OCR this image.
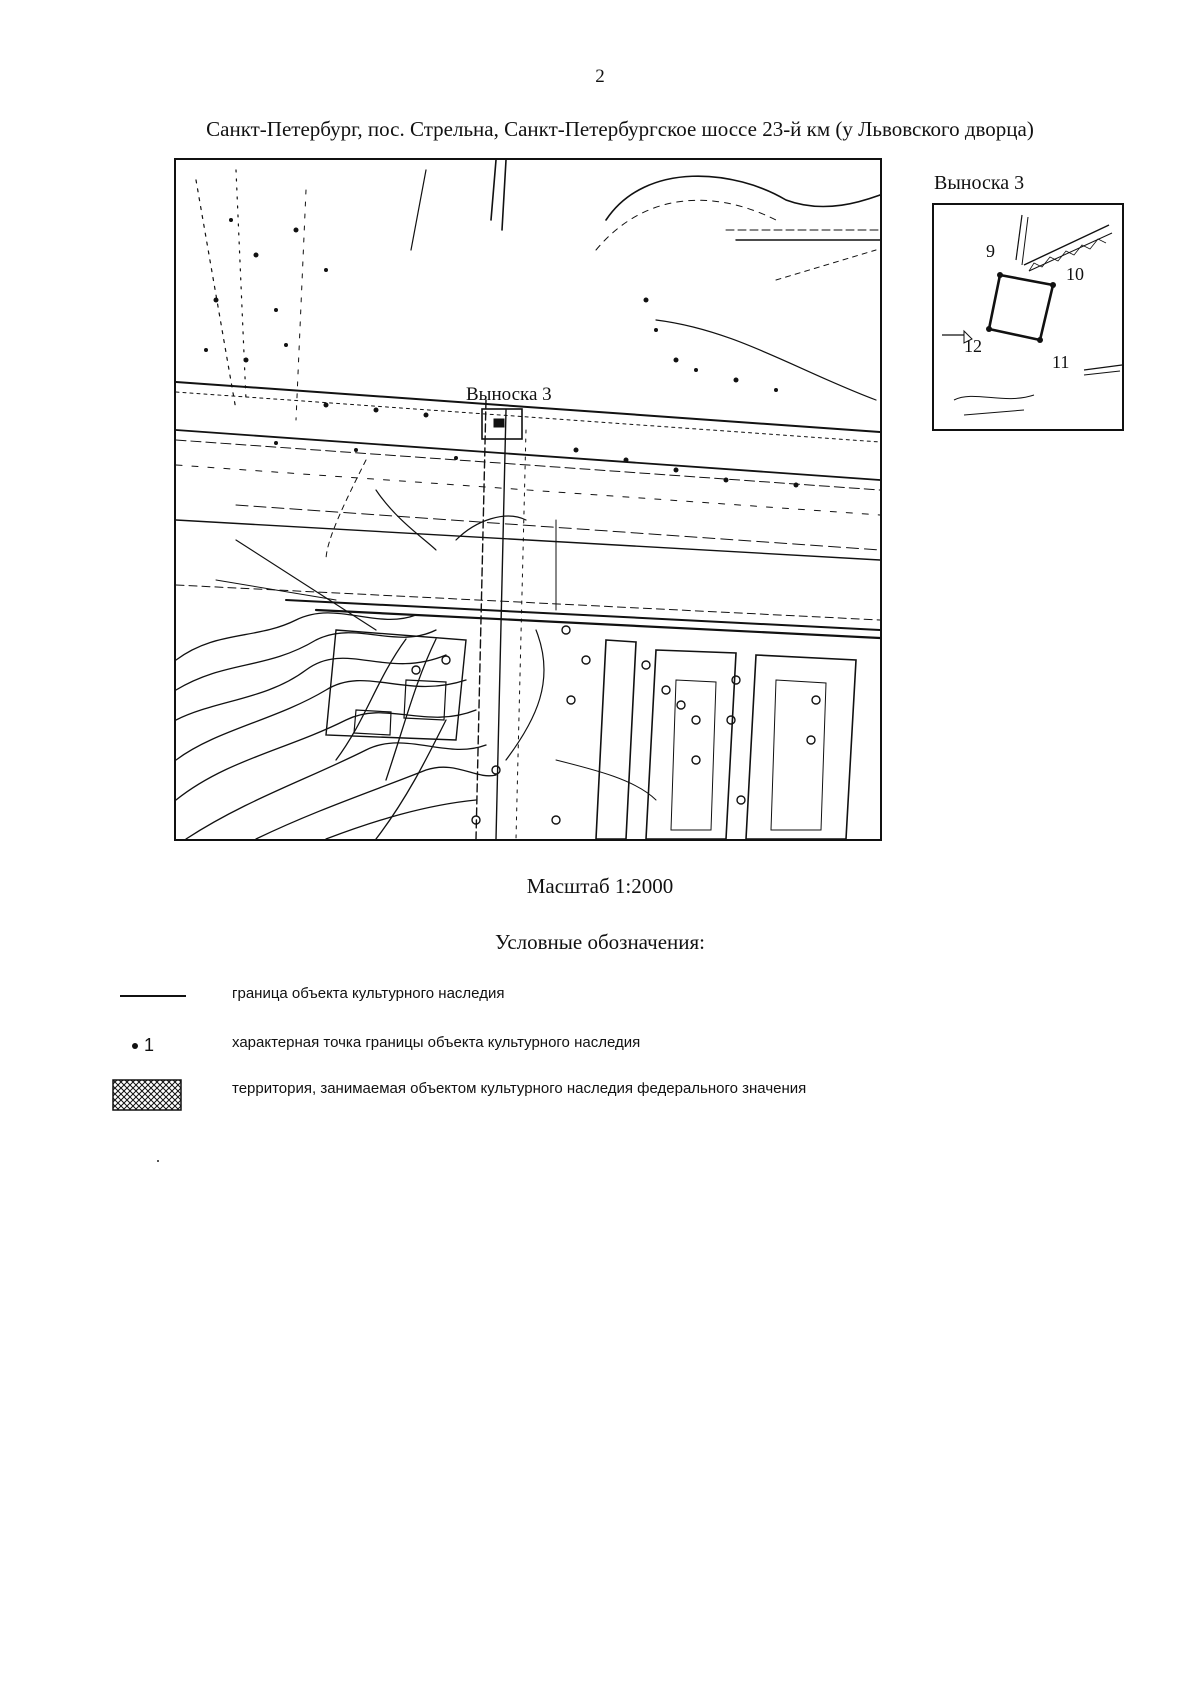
2
Санкт-Петербург, пос. Стрельна, Санкт-Петербургское шоссе 23-й км (у Львовского дворца)
Выноска 3
Выноска 3
9
10
11
12
Масштаб 1:2000
Условные обозначения:
граница объекта культурного наследия
1	характерная точка границы объекта культурного наследия
территория, занимаемая объектом культурного наследия федерального значения
